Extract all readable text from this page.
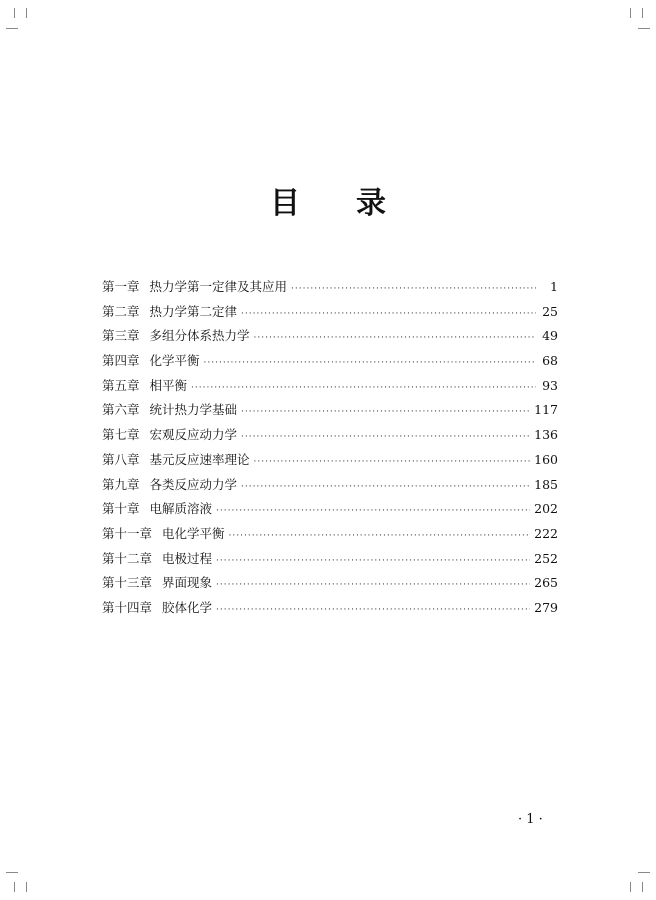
目 录
第一章 热力学第一定律及其应用 ·····	1
第二章 热力学第二定律 ·····	25
第三章 多组分体系热力学 ·····	49
第四章 化学平衡 ·····	68
第五章 相平衡 ·····	93
第六章 统计热力学基础 ·····	117
第七章 宏观反应动力学 ·····	136
第八章 基元反应速率理论 ·····	160
第九章 各类反应动力学 ·····	185
第十章 电解质溶液 ·····	202
第十一章 电化学平衡 ·····	222
第十二章 电极过程 ·····	252
第十三章 界面现象 ·····	265
第十四章 胶体化学 ·····	279
· 1 ·
